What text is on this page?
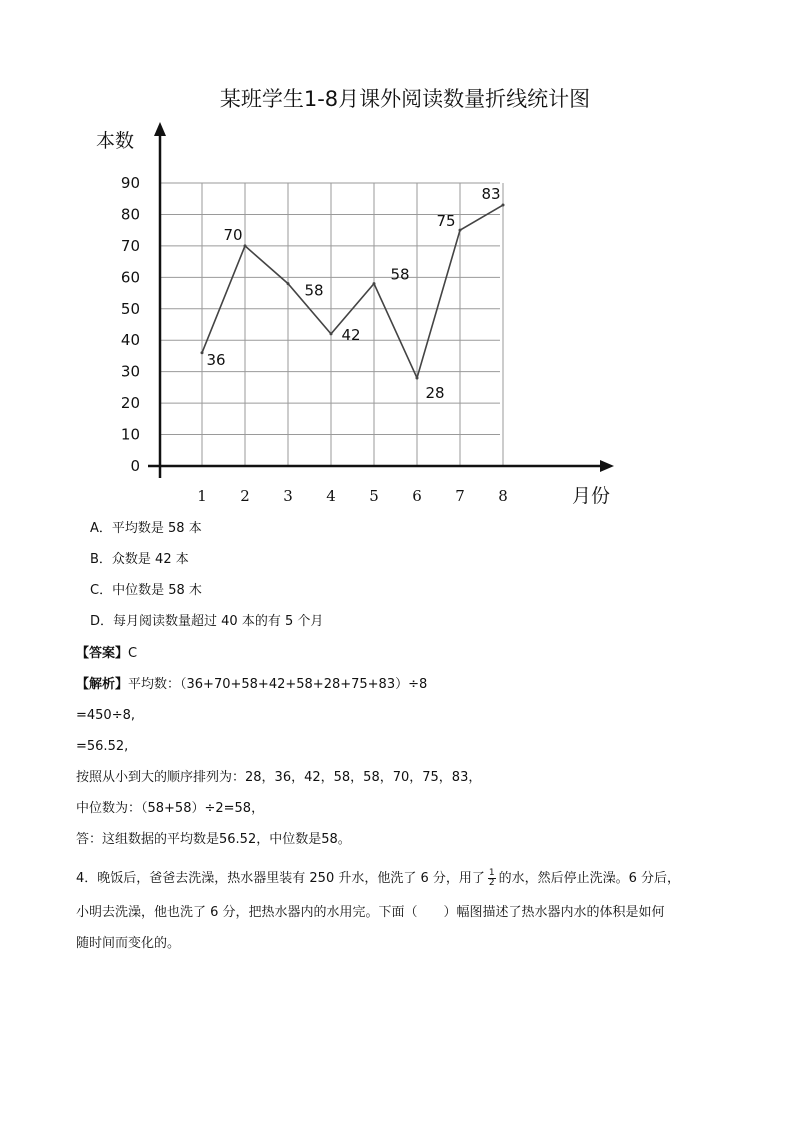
某班学生1-8月课外阅读数量折线统计图
本数
月份
0
10
20
30
40
50
60
70
80
90
1 2 3 4 5 6 7 8
36
70
58
42
58
28
75
83
A．平均数是 58 本
B．众数是 42 本
C．中位数是 58 木
D．每月阅读数量超过 40 本的有 5 个月
【答案】C
【解析】平均数：（36+70+58+42+58+28+75+83）÷8
=450÷8,
=56.52,
按照从小到大的顺序排列为：28，36，42，58，58，70，75，83，
中位数为：（58+58）÷2=58，
答：这组数据的平均数是56.52，中位数是58。
4．晚饭后，爸爸去洗澡，热水器里装有 250 升水，他洗了 6 分，用了 $\frac{1}{2}$ 的水，然后停止洗澡。6 分后，
小明去洗澡，他也洗了 6 分，把热水器内的水用完。下面（　　）幅图描述了热水器内水的体积是如何
随时间而变化的。
